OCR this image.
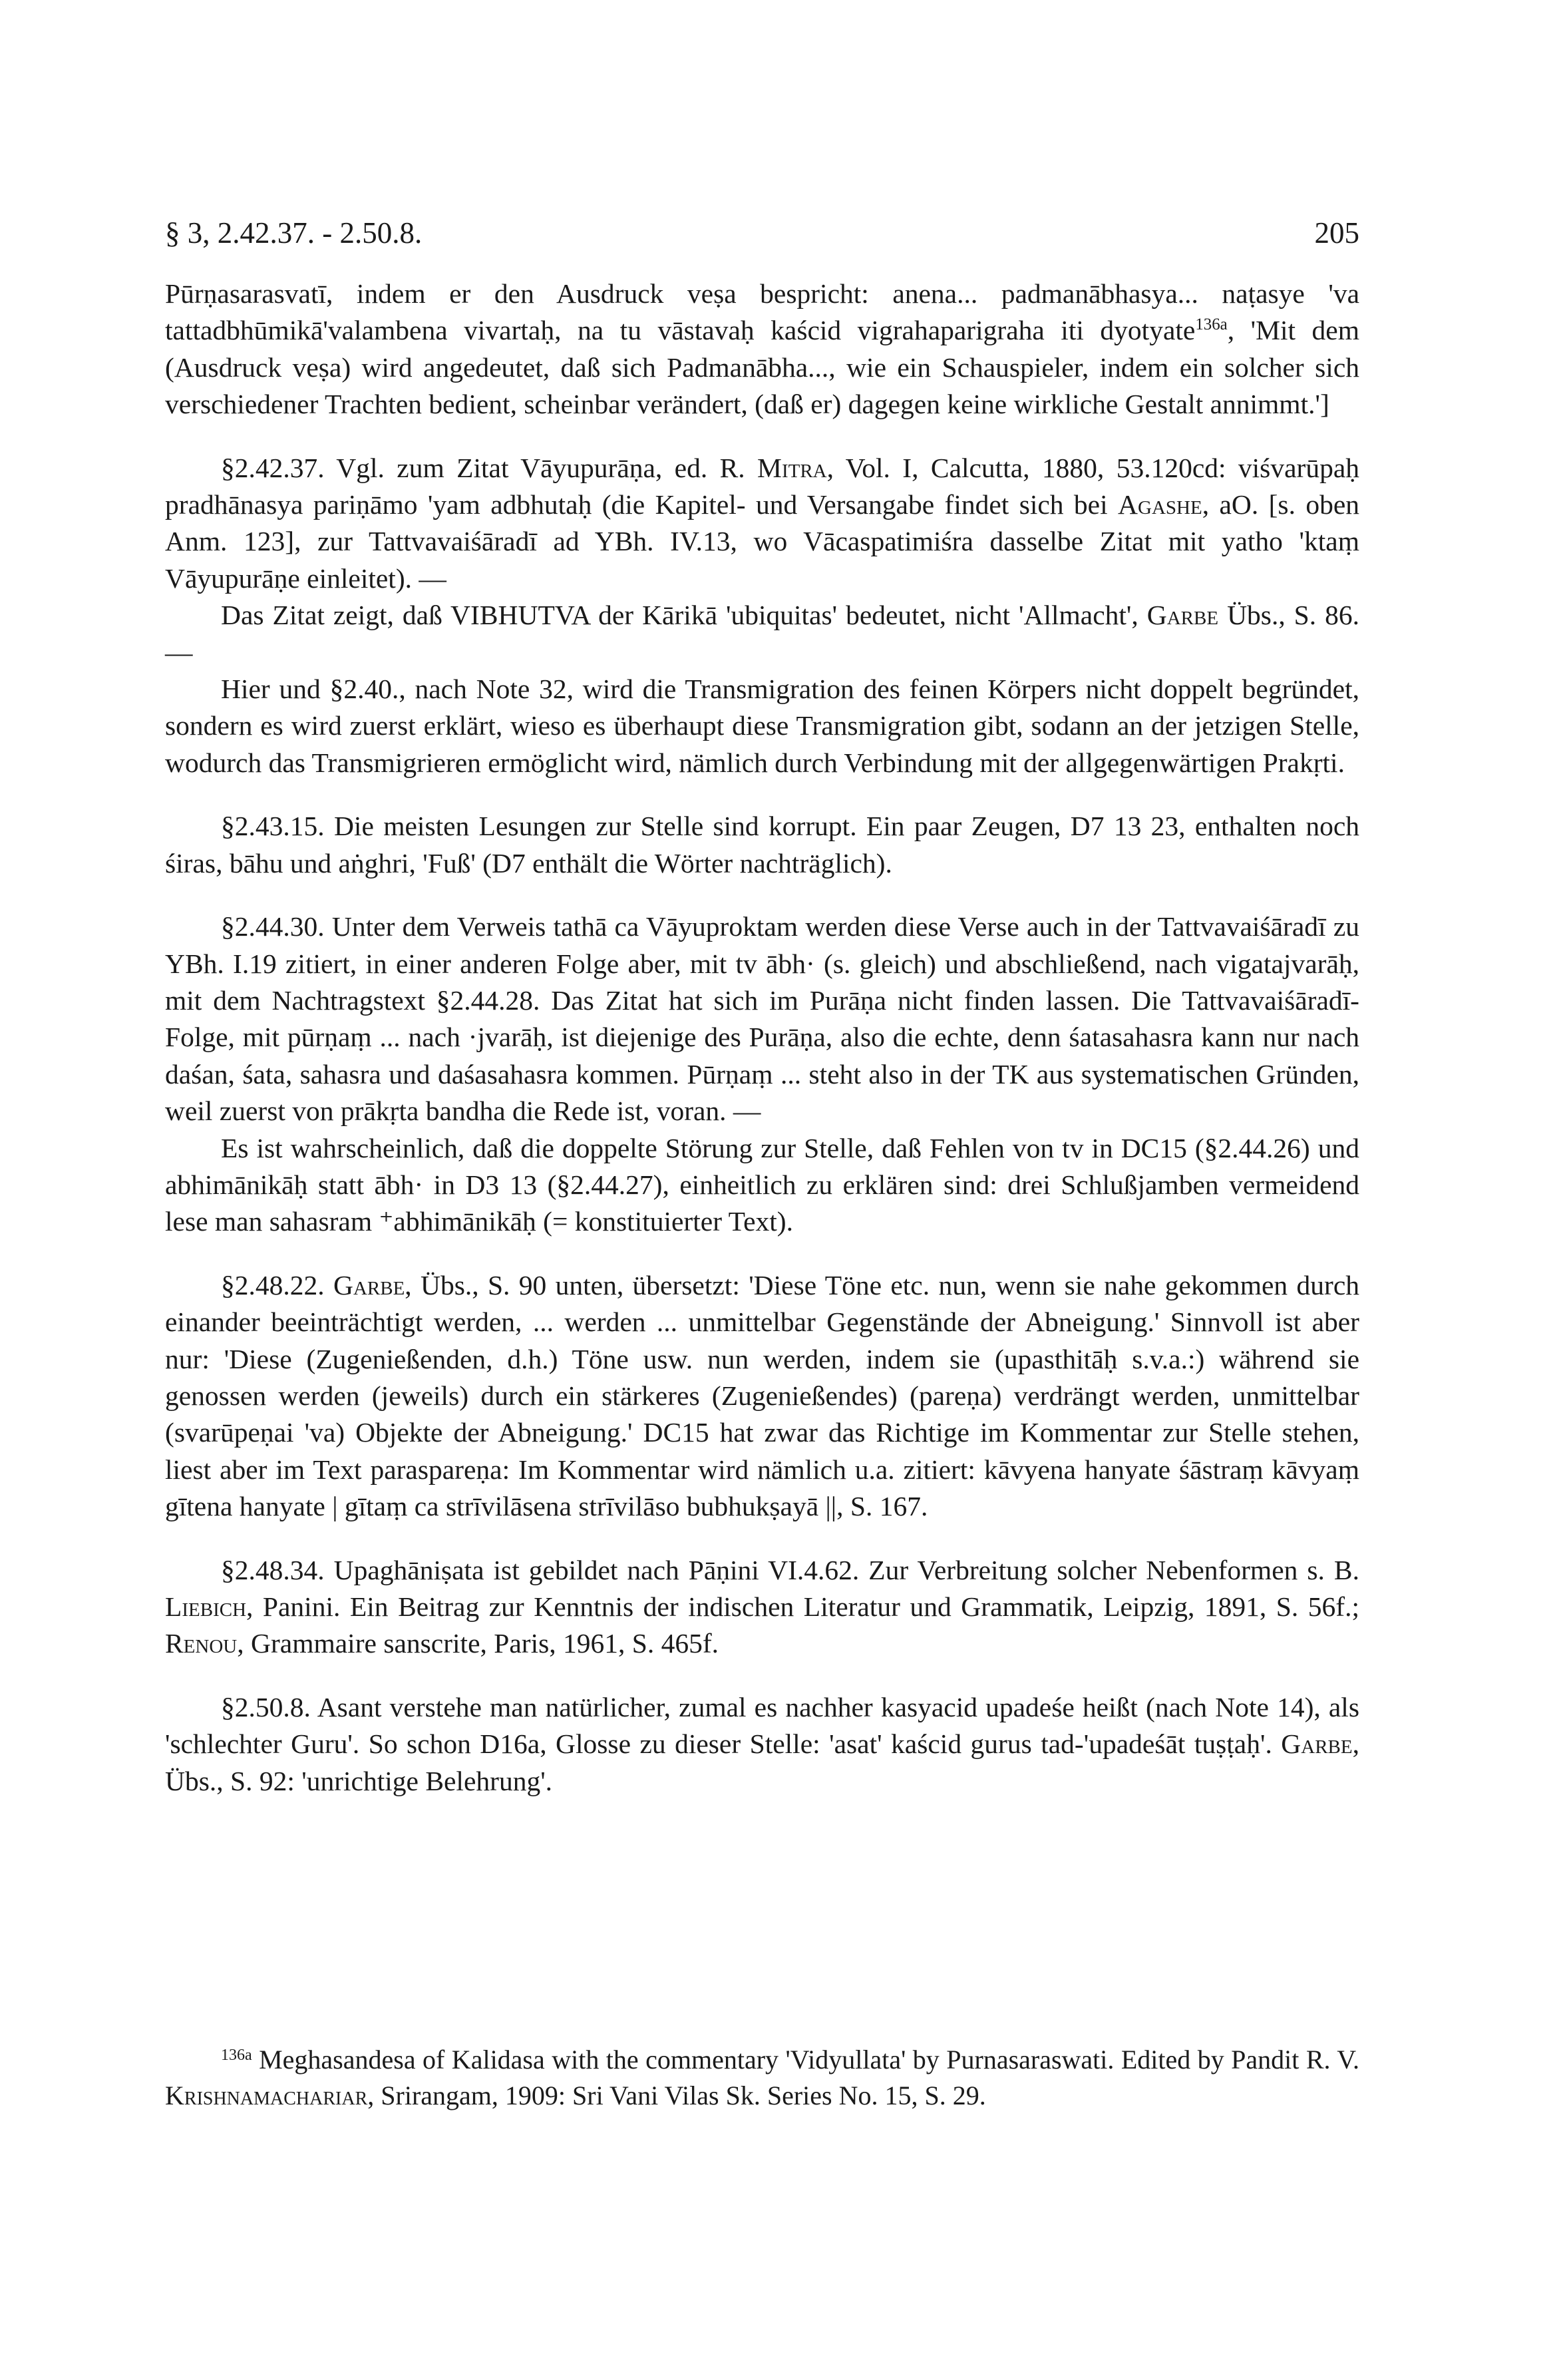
§ 3, 2.42.37. - 2.50.8.	205

Pūrṇasarasvatī, indem er den Ausdruck veṣa bespricht: anena... padmanābhasya... naṭasye 'va tattadbhūmikā'valambena vivartaḥ, na tu vāstavaḥ kaścid vigrahaparigraha iti dyotyate$^{136a}$, 'Mit dem (Ausdruck veṣa) wird angedeutet, daß sich Padmanābha..., wie ein Schauspieler, indem ein solcher sich verschiedener Trachten bedient, scheinbar verändert, (daß er) dagegen keine wirkliche Gestalt annimmt.']

§2.42.37. Vgl. zum Zitat Vāyupurāṇa, ed. R. Mitra, Vol. I, Calcutta, 1880, 53.120cd: viśvarūpaḥ pradhānasya pariṇāmo 'yam adbhutaḥ (die Kapitel- und Versangabe findet sich bei Agashe, aO. [s. oben Anm. 123], zur Tattvavaiśāradī ad YBh. IV.13, wo Vācaspatimiśra dasselbe Zitat mit yatho 'ktaṃ Vāyupurāṇe einleitet). —

Das Zitat zeigt, daß VIBHUTVA der Kārikā 'ubiquitas' bedeutet, nicht 'Allmacht', Garbe Übs., S. 86. —

Hier und §2.40., nach Note 32, wird die Transmigration des feinen Körpers nicht doppelt begründet, sondern es wird zuerst erklärt, wieso es überhaupt diese Transmigration gibt, sodann an der jetzigen Stelle, wodurch das Transmigrieren ermöglicht wird, nämlich durch Verbindung mit der allgegenwärtigen Prakṛti.

§2.43.15. Die meisten Lesungen zur Stelle sind korrupt. Ein paar Zeugen, D7 13 23, enthalten noch śiras, bāhu und aṅghri, 'Fuß' (D7 enthält die Wörter nachträglich).

§2.44.30. Unter dem Verweis tathā ca Vāyuproktam werden diese Verse auch in der Tattvavaiśāradī zu YBh. I.19 zitiert, in einer anderen Folge aber, mit tv ābh· (s. gleich) und abschließend, nach vigatajvarāḥ, mit dem Nachtragstext §2.44.28. Das Zitat hat sich im Purāṇa nicht finden lassen. Die Tattvavaiśāradī-Folge, mit pūrṇaṃ ... nach ·jvarāḥ, ist diejenige des Purāṇa, also die echte, denn śatasahasra kann nur nach daśan, śata, sahasra und daśasahasra kommen. Pūrṇaṃ ... steht also in der TK aus systematischen Gründen, weil zuerst von prākṛta bandha die Rede ist, voran. —

Es ist wahrscheinlich, daß die doppelte Störung zur Stelle, daß Fehlen von tv in DC15 (§2.44.26) und abhimānikāḥ statt ābh· in D3 13 (§2.44.27), einheitlich zu erklären sind: drei Schlußjamben vermeidend lese man sahasram ⁺abhimānikāḥ (= konstituierter Text).

§2.48.22. Garbe, Übs., S. 90 unten, übersetzt: 'Diese Töne etc. nun, wenn sie nahe gekommen durch einander beeinträchtigt werden, ... werden ... unmittelbar Gegenstände der Abneigung.' Sinnvoll ist aber nur: 'Diese (Zugenießenden, d.h.) Töne usw. nun werden, indem sie (upasthitāḥ s.v.a.:) während sie genossen werden (jeweils) durch ein stärkeres (Zugenießendes) (pareṇa) verdrängt werden, unmittelbar (svarūpeṇai 'va) Objekte der Abneigung.' DC15 hat zwar das Richtige im Kommentar zur Stelle stehen, liest aber im Text parasparеṇa: Im Kommentar wird nämlich u.a. zitiert: kāvyena hanyate śāstraṃ kāvyaṃ gītena hanyate | gītaṃ ca strīvilāsena strīvilāso bubhukṣayā ||, S. 167.

§2.48.34. Upaghāniṣata ist gebildet nach Pāṇini VI.4.62. Zur Verbreitung solcher Nebenformen s. B. Liebich, Panini. Ein Beitrag zur Kenntnis der indischen Literatur und Grammatik, Leipzig, 1891, S. 56f.; Renou, Grammaire sanscrite, Paris, 1961, S. 465f.

§2.50.8. Asant verstehe man natürlicher, zumal es nachher kasyacid upadeśe heißt (nach Note 14), als 'schlechter Guru'. So schon D16a, Glosse zu dieser Stelle: 'asat' kaścid gurus tad-'upadeśāt tuṣṭaḥ'. Garbe, Übs., S. 92: 'unrichtige Belehrung'.

$^{136a}$ Meghasandesa of Kalidasa with the commentary 'Vidyullata' by Purnasaraswati. Edited by Pandit R. V. Krishnamachariar, Srirangam, 1909: Sri Vani Vilas Sk. Series No. 15, S. 29.
